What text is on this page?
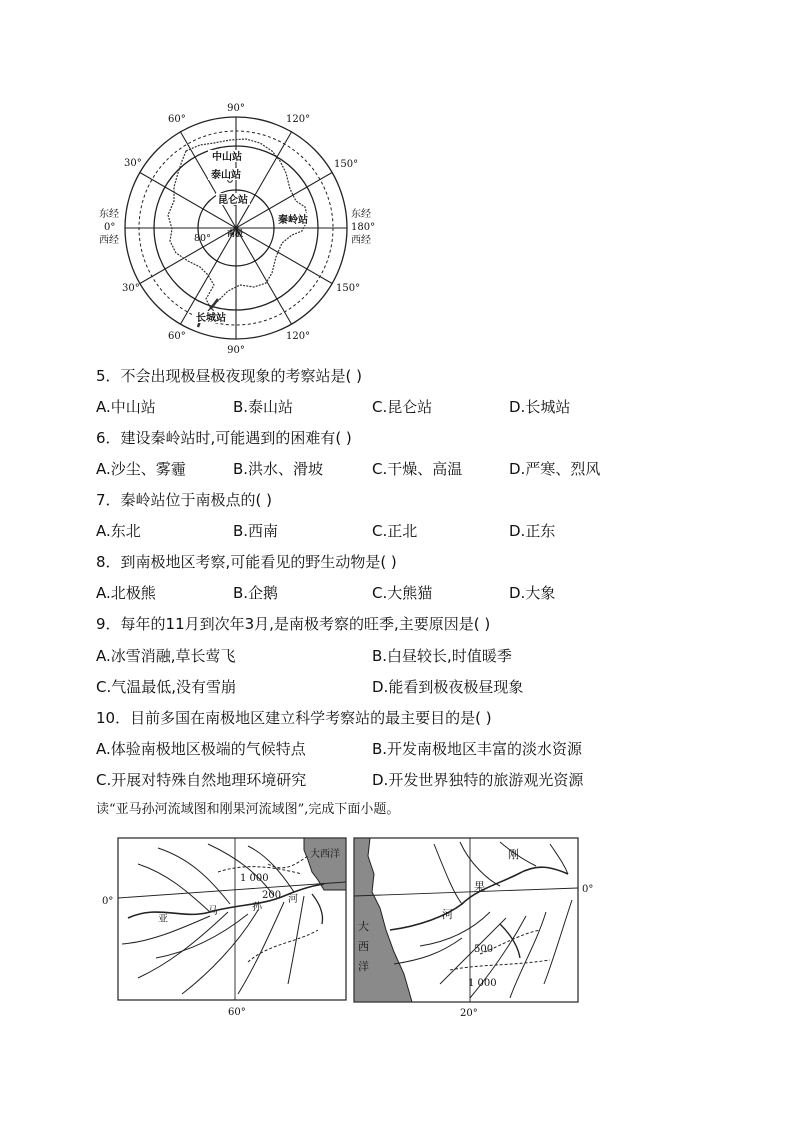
90°
90°
60°
60°
30°
30°
120°
120°
150°
150°
东经
0°
西经
东经
180°
西经
80°
中山站
泰山站
昆仑站
秦岭站
长城站
南极
5．不会出现极昼极夜现象的考察站是( )
A.中山站	B.泰山站	C.昆仑站	D.长城站
6．建设秦岭站时,可能遇到的困难有( )
A.沙尘、雾霾	B.洪水、滑坡	C.干燥、高温	D.严寒、烈风
7．秦岭站位于南极点的( )
A.东北	B.西南	C.正北	D.正东
8．到南极地区考察,可能看见的野生动物是( )
A.北极熊	B.企鹅	C.大熊猫	D.大象
9．每年的11月到次年3月,是南极考察的旺季,主要原因是( )
A.冰雪消融,草长莺飞	B.白昼较长,时值暖季
C.气温最低,没有雪崩	D.能看到极夜极昼现象
10．目前多国在南极地区建立科学考察站的最主要目的是( )
A.体验南极地区极端的气候特点	B.开发南极地区丰富的淡水资源
C.开展对特殊自然地理环境研究	D.开发世界独特的旅游观光资源
读“亚马孙河流域图和刚果河流域图”,完成下面小题。
大西洋
1 000
200
0°
亚
马	孙
河
60°
大
西
洋
刚
果
河
500
1 000
0°
20°
